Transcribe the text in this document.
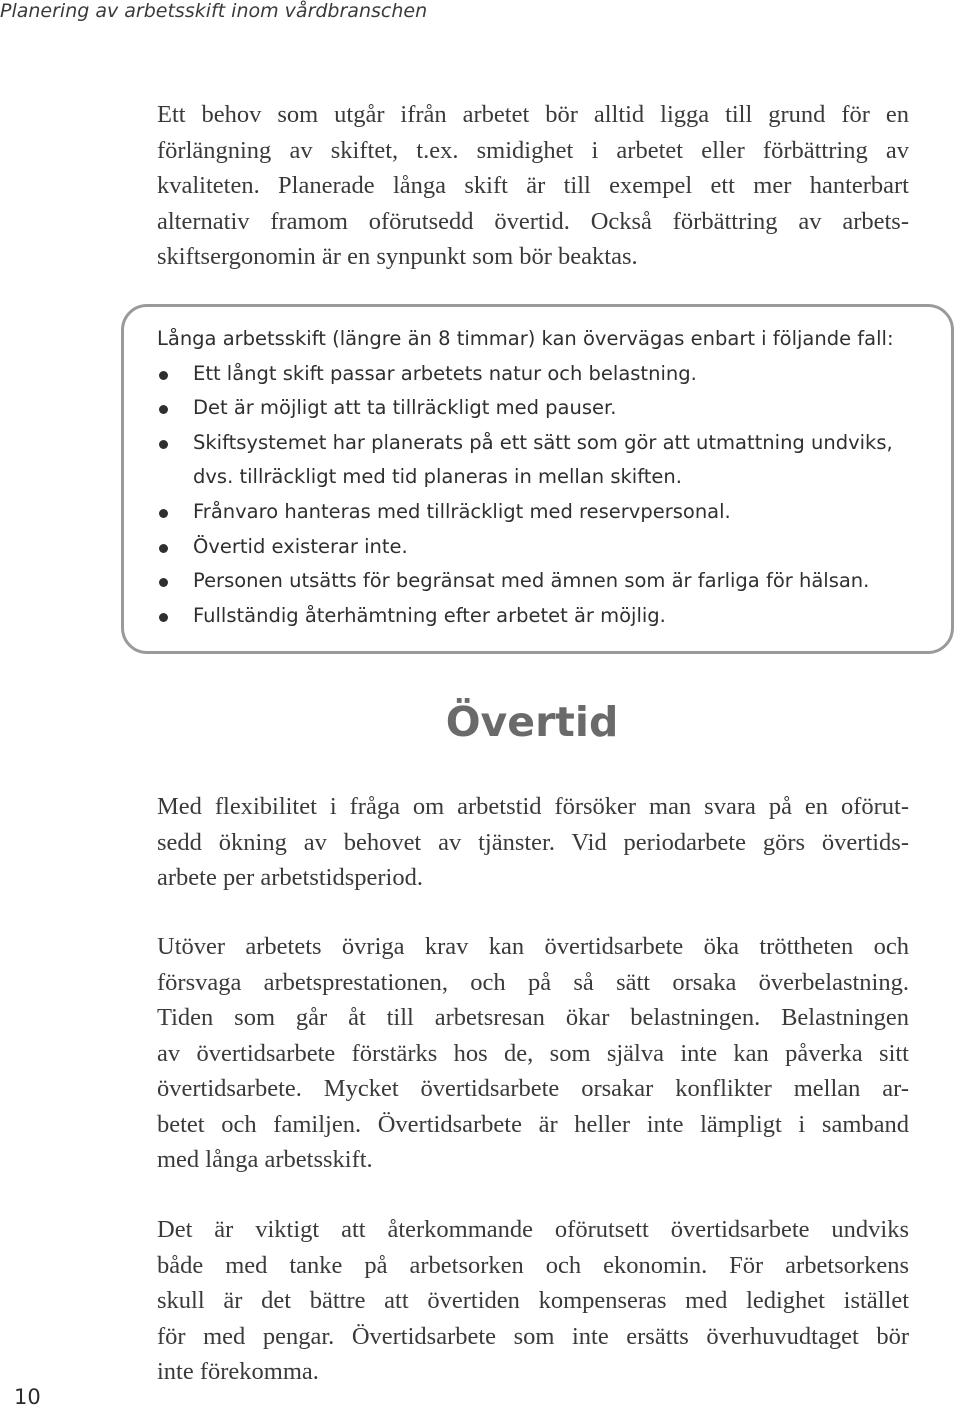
Planering av arbetsskift inom vårdbranschen

Ett behov som utgår ifrån arbetet bör alltid ligga till grund för en
förlängning av skiftet, t.ex. smidighet i arbetet eller förbättring av
kvaliteten. Planerade långa skift är till exempel ett mer hanterbart
alternativ framom oförutsedd övertid. Också förbättring av arbets-
skiftsergonomin är en synpunkt som bör beaktas.

Långa arbetsskift (längre än 8 timmar) kan övervägas enbart i följande fall:
Ett långt skift passar arbetets natur och belastning.
Det är möjligt att ta tillräckligt med pauser.
Skiftsystemet har planerats på ett sätt som gör att utmattning undviks,
dvs. tillräckligt med tid planeras in mellan skiften.
Frånvaro hanteras med tillräckligt med reservpersonal.
Övertid existerar inte.
Personen utsätts för begränsat med ämnen som är farliga för hälsan.
Fullständig återhämtning efter arbetet är möjlig.
Övertid

Med flexibilitet i fråga om arbetstid försöker man svara på en oförut-
sedd ökning av behovet av tjänster. Vid periodarbete görs övertids-
arbete per arbetstidsperiod.

Utöver arbetets övriga krav kan övertidsarbete öka tröttheten och
försvaga arbetsprestationen, och på så sätt orsaka överbelastning.
Tiden som går åt till arbetsresan ökar belastningen. Belastningen
av övertidsarbete förstärks hos de, som själva inte kan påverka sitt
övertidsarbete. Mycket övertidsarbete orsakar konflikter mellan ar-
betet och familjen. Övertidsarbete är heller inte lämpligt i samband
med långa arbetsskift.

Det är viktigt att återkommande oförutsett övertidsarbete undviks
både med tanke på arbetsorken och ekonomin. För arbetsorkens
skull är det bättre att övertiden kompenseras med ledighet istället
för med pengar. Övertidsarbete som inte ersätts överhuvudtaget bör
inte förekomma.

10
